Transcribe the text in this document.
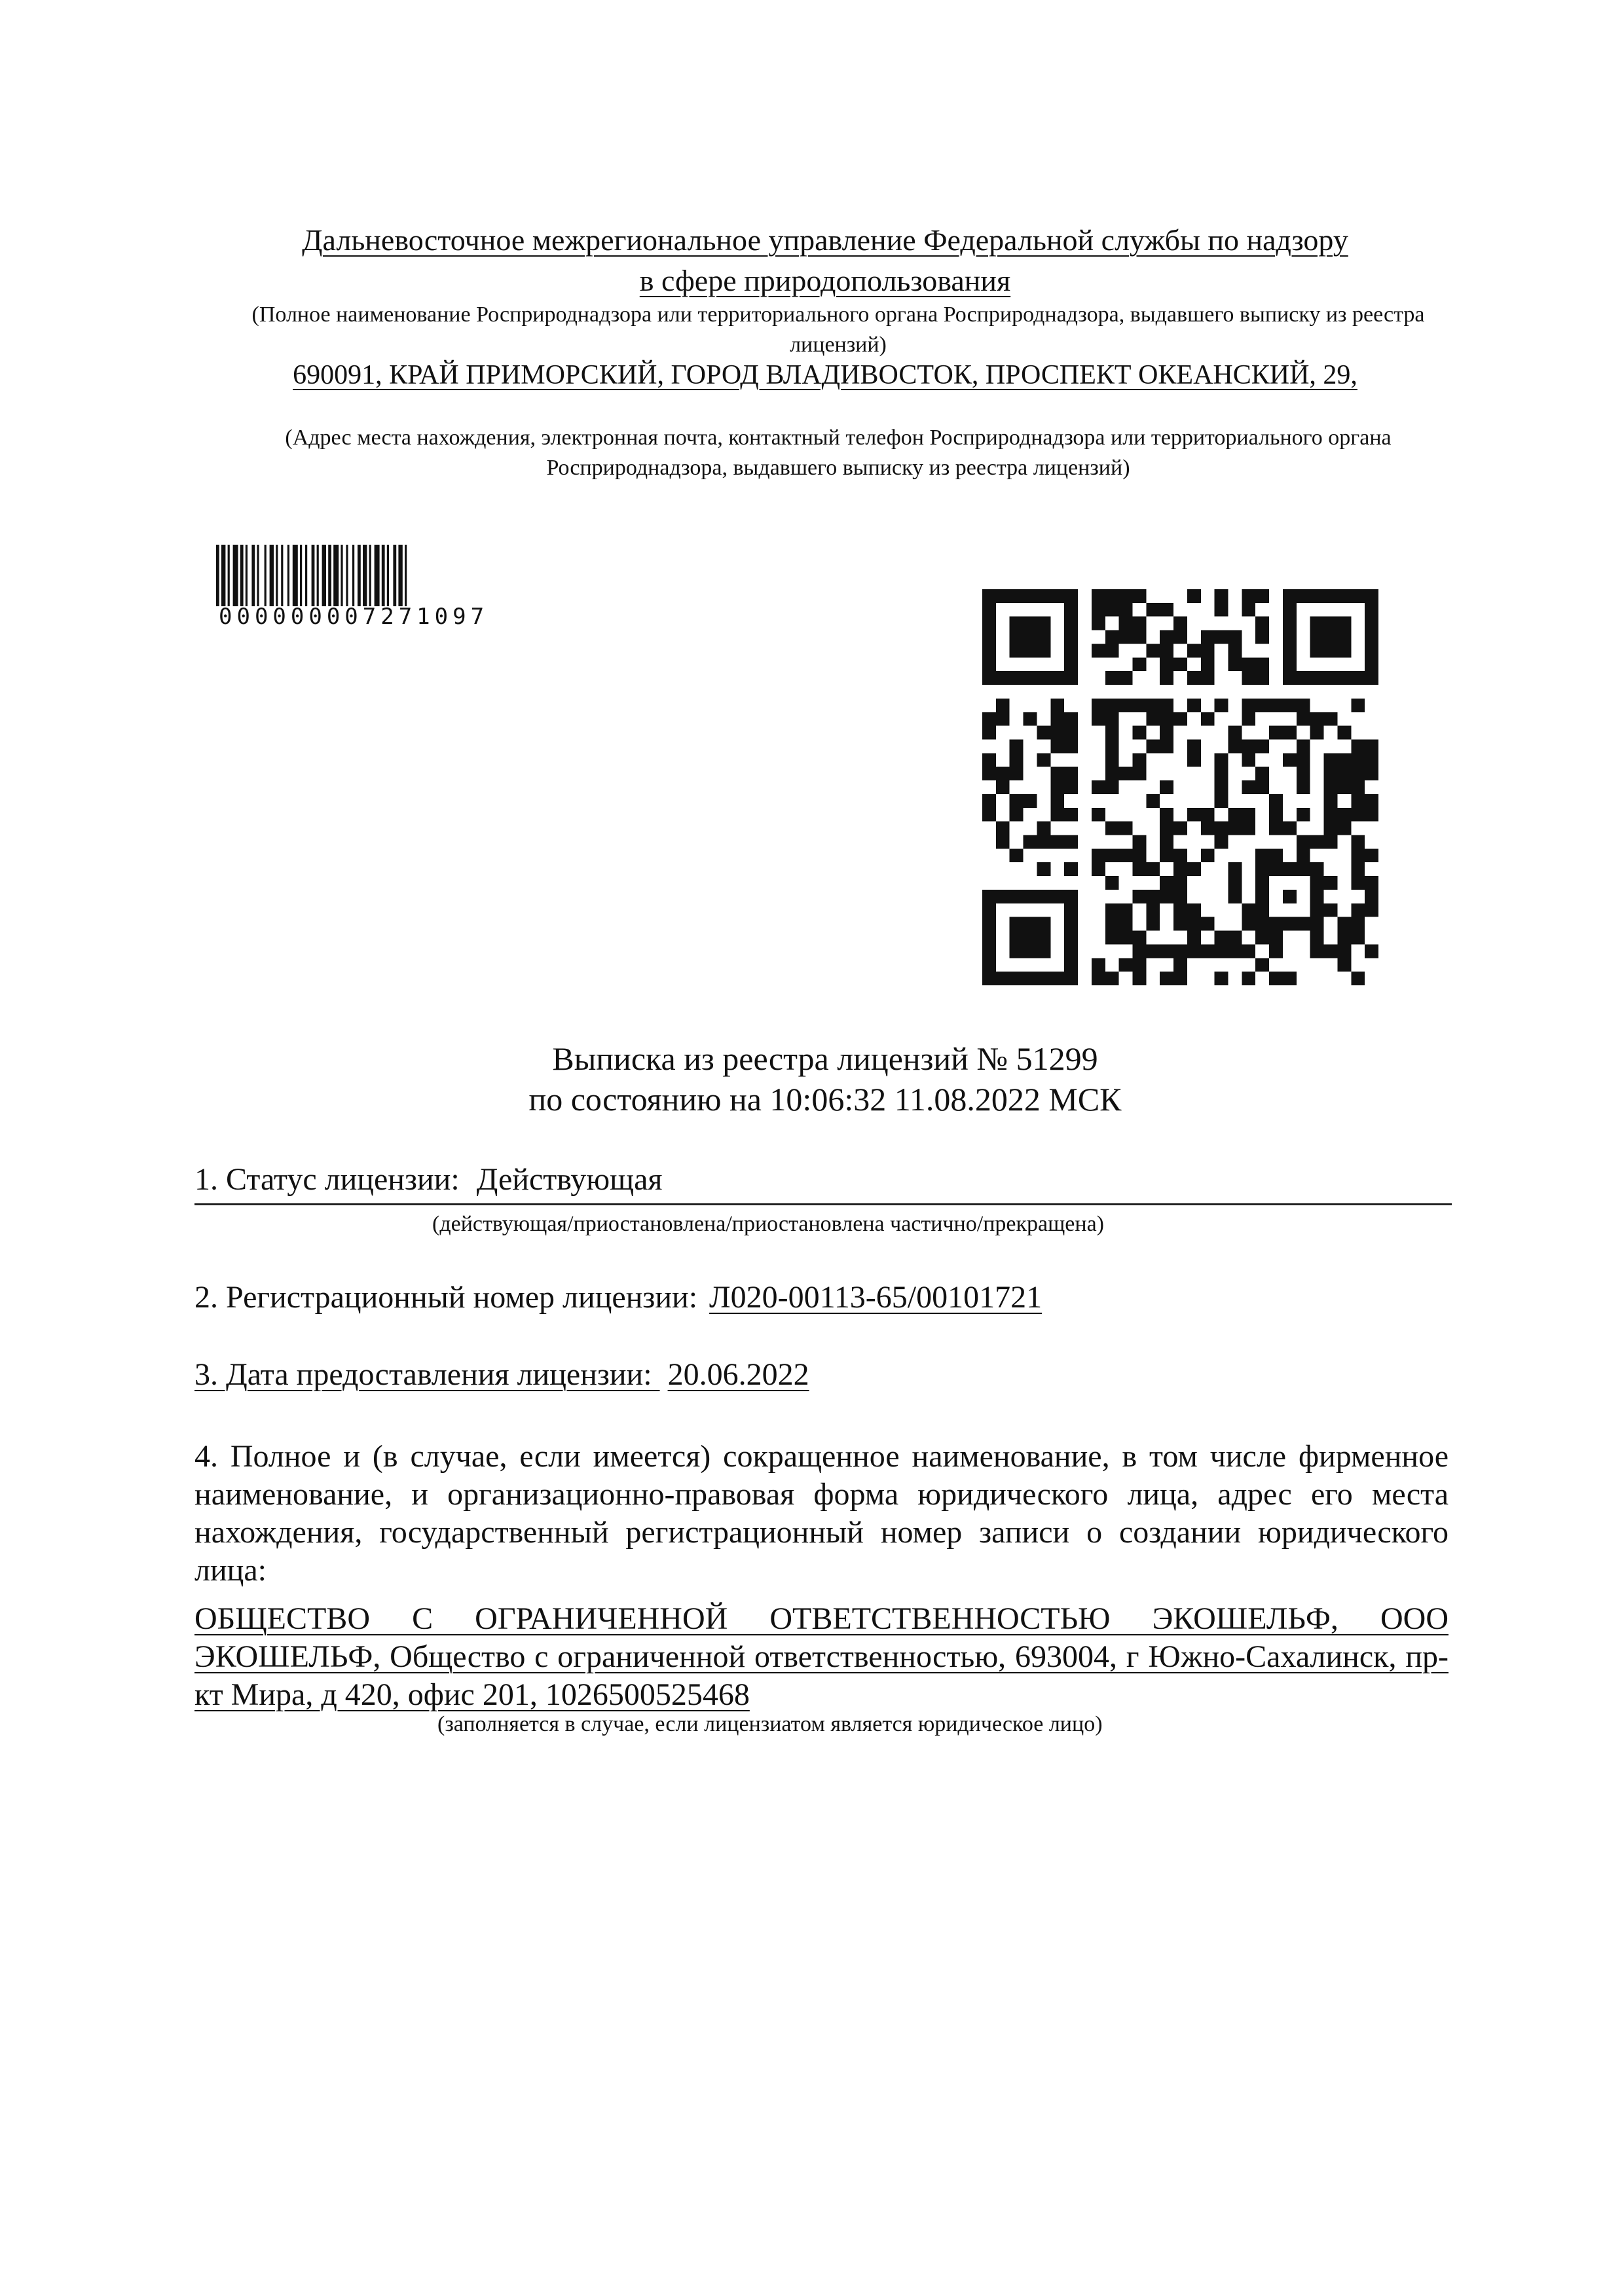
Дальневосточное межрегиональное управление Федеральной службы по надзору
в сфере природопользования
(Полное наименование Росприроднадзора или территориального органа Росприроднадзора, выдавшего выписку из реестра лицензий)
690091, КРАЙ ПРИМОРСКИЙ, ГОРОД ВЛАДИВОСТОК, ПРОСПЕКТ ОКЕАНСКИЙ, 29,
(Адрес места нахождения, электронная почта, контактный телефон Росприроднадзора или территориального органа Росприроднадзора, выдавшего выписку из реестра лицензий)
000000007271097
Выписка из реестра лицензий № 51299
по состоянию на 10:06:32 11.08.2022 МСК
1. Статус лицензии: Действующая
(действующая/приостановлена/приостановлена частично/прекращена)
2. Регистрационный номер лицензии: Л020-00113-65/00101721
3. Дата предоставления лицензии: 20.06.2022
4. Полное и (в случае, если имеется) сокращенное наименование, в том числе фирменное наименование, и организационно-правовая форма юридического лица, адрес его места нахождения, государственный регистрационный номер записи о создании юридического лица:
ОБЩЕСТВО С ОГРАНИЧЕННОЙ ОТВЕТСТВЕННОСТЬЮ ЭКОШЕЛЬФ, ООО ЭКОШЕЛЬФ, Общество с ограниченной ответственностью, 693004, г Южно-Сахалинск, пр-кт Мира, д 420, офис 201, 1026500525468
(заполняется в случае, если лицензиатом является юридическое лицо)
